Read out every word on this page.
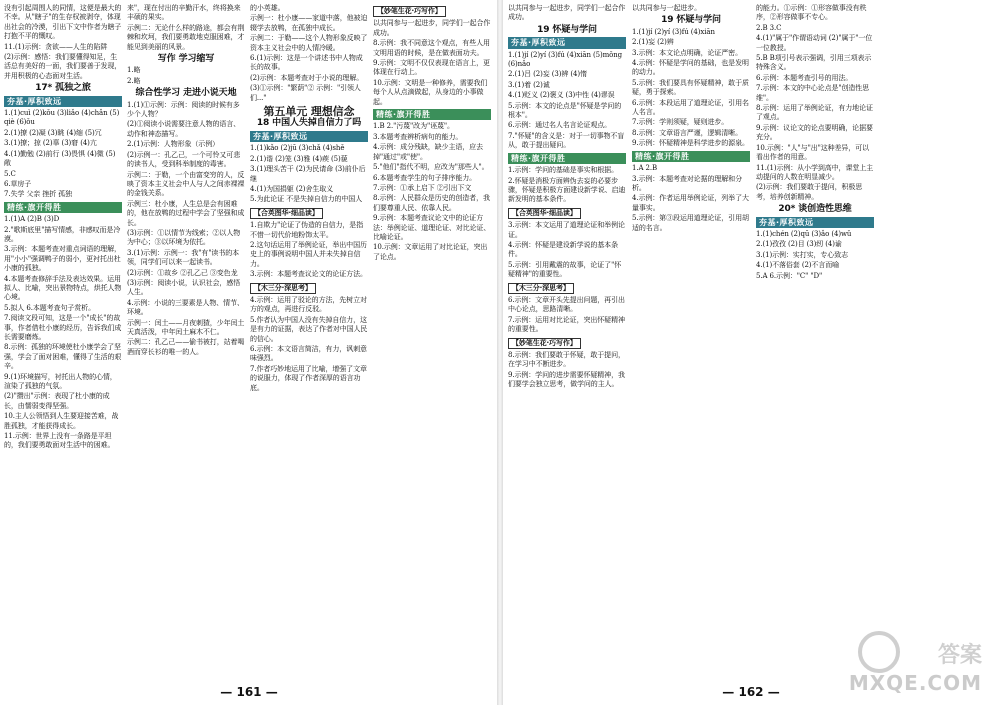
没有引起周围人的同情，这便是最大的不幸。从"瞎子"的生存权被剥夺，体现出社会的冷漠，引出下文中作者为瞎子打抱不平的慨叹。

11.(1)示例：贪欲——人生的陷阱

(2)示例：感悟：我们要懂得知足，生活总有美好的一面，我们要善于发现，并用积极的心态面对生活。

17* 孤独之旅
夯基·厚积致远

1.(1)cuì (2)kǒu (3)liǎo (4)chǎn (5)qiè (6)ǒu

2.(1)撩 (2)凝 (3)眺 (4)缩 (5)冗

3.(1)撩；掠 (2)辜 (3)窘 (4)亢

4.(1)勤勉 (2)前行 (3)畏惧 (4)微 (5)敞

5.C

6.草房子

7.失学 父亲 挫折 孤独

精练·旗开得胜

1.(1)A (2)B (3)D

2."歌斯底里"描写情感，非感叹而是冷漠。

3.示例：本题考查对重点词语的理解，用"小小"强调鸭子的弱小，更衬托出杜小康的孤独。

4.本题考查修辞手法及表达效果。运用拟人、比喻，突出景物特点，烘托人物心境。

5.拟人 6.本题考查句子赏析。

7.阅读文段可知，这是一个"成长"的故事，作者借杜小康的经历，告诉我们成长需要磨炼。

8.示例：孤独的环境使杜小康学会了坚强，学会了面对困难，懂得了生活的艰辛。

9.(1)环境描写，衬托出人物的心情，渲染了孤独的气氛。

(2)"攒出"示例：表现了杜小康的成长，由懦弱变得坚强。

10.主人公领悟到人生要迎接苦难，战胜孤独，才能获得成长。

11.示例：世界上没有一条路是平坦的，我们要勇敢面对生活中的困难。

来"，现在付出的辛勤汗水，终将换来丰硕的果实。

示例二：无论什么样的路途，都会有荆棘和坎坷，我们要勇敢地克服困难，才能见到美丽的风景。

写作 学习缩写

1.略

2.略

综合性学习 走进小说天地

1.(1)①示例：示例：阅读的时候有多少个人物？

(2)①阅读小说需要注意人物的语言、动作和神态描写。

2.(1)示例：人物形象（示例）

(2)示例一：孔乙己，一个可怜又可悲的读书人，受到科举制度的毒害。

示例二：于勒，一个由富变穷的人，反映了资本主义社会中人与人之间赤裸裸的金钱关系。

示例三：杜小康，人生总是会有困难的，他在放鸭的过程中学会了坚强和成长。

(3)示例：①以情节为线索；②以人物为中心；③以环境为依托。

3.(1)示例：示例一：我"有"读书的本领，同学们可以来一起读书。

(2)示例：①故乡 ②孔乙己 ③变色龙

(3)示例：阅读小说，认识社会，感悟人生。

4.示例：小说的三要素是人物、情节、环境。

示例一：闰土——月夜刺猹，少年闰土天真活泼，中年闰土麻木不仁。

示例二：孔乙己——偷书被打，站着喝酒而穿长衫的唯一的人。

的小英雄。

示例一：杜小康——家道中落，他被迫辍学去放鸭，在孤独中成长。

示例二：于勒——这个人物形象反映了资本主义社会中的人情冷暖。

6.(1)示例：这是一个讲述书中人物成长的故事。

(2)示例：本题考查对于小说的理解。

(3)①示例："繁荫"② 示例："引领人们..."

第五单元 理想信念
18 中国人失掉自信力了吗
夯基·厚积致远

1.(1)kǎo (2)jū (3)chǎ (4)shě

2.(1)谐 (2)笼 (3)雅 (4)蒺 (5)藐

3.(1)理头苦干 (2)为民请命 (3)前仆后继

4.(1)为国捐躯 (2)舍生取义

5.为此论证 不是失掉自信力的中国人

【合英图华·细品读】

1.自欺力"论证了伪造的自信力，是指不惜一切代价地粉饰太平。

2.这句话运用了举例论证，举出中国历史上的事例说明中国人并未失掉自信力。

3.示例：本题考查议论文的论证方法。

【木三分·深思考】

4.示例：运用了驳论的方法，先树立对方的观点，再进行反驳。

5.作者认为中国人没有失掉自信力，这是有力的证据，表达了作者对中国人民的信心。

6.示例：本文语言简洁，有力，讽刺意味强烈。

7.作者巧妙地运用了比喻，增强了文章的说服力，体现了作者深厚的语言功底。

【妙笔生花·巧写作】

以共同参与一起进步，同学们一起合作成功。

8.示例：我不同意这个观点，有些人用文明用语的时候，是在做表面功夫。

9.示例：文明不仅仅表现在语言上，更体现在行动上。

10.示例：文明是一种修养，需要我们每个人从点滴做起，从身边的小事做起。

精练·旗开得胜

1.B 2."污蔑"改为"诬蔑"。

3.本题考查辨析病句的能力。

4.示例：成分残缺，缺少主语，应去掉"通过"或"使"。

5."他们"指代不明，应改为"那些人"。

6.本题考查学生的句子排序能力。

7.示例：①承上启下 ②引出下文

8.示例：人民群众是历史的创造者，我们要尊重人民、依靠人民。

9.示例：本题考查议论文中的论证方法：举例论证、道理论证、对比论证、比喻论证。

10.示例：文章运用了对比论证，突出了论点。

— 161 —

以共同参与一起进步，同学们一起合作成功。

19 怀疑与学问
夯基·厚积致远

1.(1)jí (2)yí (3)fú (4)xiān (5)mǒng (6)nǎo

2.(1)吕 (2)妄 (3)辨 (4)惰

3.(1)着 (2)诚

4.(1)贬义 (2)褒义 (3)中性 (4)谬误

5.示例：本文的论点是"怀疑是学问的根本"。

6.示例：通过名人名言论证观点。

7."怀疑"的含义是：对于一切事物不盲从，敢于提出疑问。

精练·旗开得胜

1.示例：学问的基础是事实和根据。

2.怀疑是消极方面辨伪去妄的必要步骤，怀疑是积极方面建设新学说、启迪新发明的基本条件。

【合英图华·细品读】

3.示例：本文运用了道理论证和举例论证。

4.示例：怀疑是建设新学说的基本条件。

5.示例：引用戴震的故事，论证了"怀疑精神"的重要性。

【木三分·深思考】

6.示例：文章开头先提出问题，再引出中心论点，思路清晰。

7.示例：运用对比论证，突出怀疑精神的重要性。

【妙笔生花·巧写作】

8.示例：我们要敢于怀疑，敢于提问，在学习中不断进步。

9.示例：学问的进步需要怀疑精神，我们要学会独立思考，做学问的主人。

以共同参与一起进步。

19 怀疑与学问

1.(1)jí (2)yí (3)fú (4)xiān

2.(1)妄 (2)辨

3.示例：本文论点明确，论证严密。

4.示例：怀疑是学问的基础，也是发明的动力。

5.示例：我们要具有怀疑精神，敢于质疑，勇于探索。

6.示例：本段运用了道理论证，引用名人名言。

7.示例：学则须疑，疑则进步。

8.示例：文章语言严谨，逻辑清晰。

9.示例：怀疑精神是科学进步的源泉。

精练·旗开得胜

1.A 2.B

3.示例：本题考查对论据的理解和分析。

4.示例：作者运用举例论证，列举了大量事实。

5.示例：第③段运用道理论证，引用胡适的名言。

的能力。①示例：①形容做事没有秩序，②形容做事不专心。

2.B 3.C

4.(1)"属于"作谓语动词 (2)"属于"一位一位教授。

5.B B项引号表示强调，引用三项表示特殊含义。

6.示例：本题考查引号的用法。

7.示例：本文的中心论点是"创造性思维"。

8.示例：运用了举例论证，有力地论证了观点。

9.示例：议论文的论点要明确，论据要充分。

10.示例："人"与"出"这种差异，可以看出作者的用意。

11.(1)示例：从小学到高中，课堂上主动提问的人数在明显减少。

(2)示例：我们要敢于提问，积极思考，培养创新精神。

20* 谈创造性思维
夯基·厚积致远

1.(1)chén (2)qū (3)ǎo (4)wǔ

2.(1)孜孜 (2)目 (3)纫 (4)谕

3.(1)示例：实打实，专心致志

4.(1)不落俗套 (2)不言而喻

5.A 6.示例："C" "D"

— 162 —
答案
MXQE.COM
